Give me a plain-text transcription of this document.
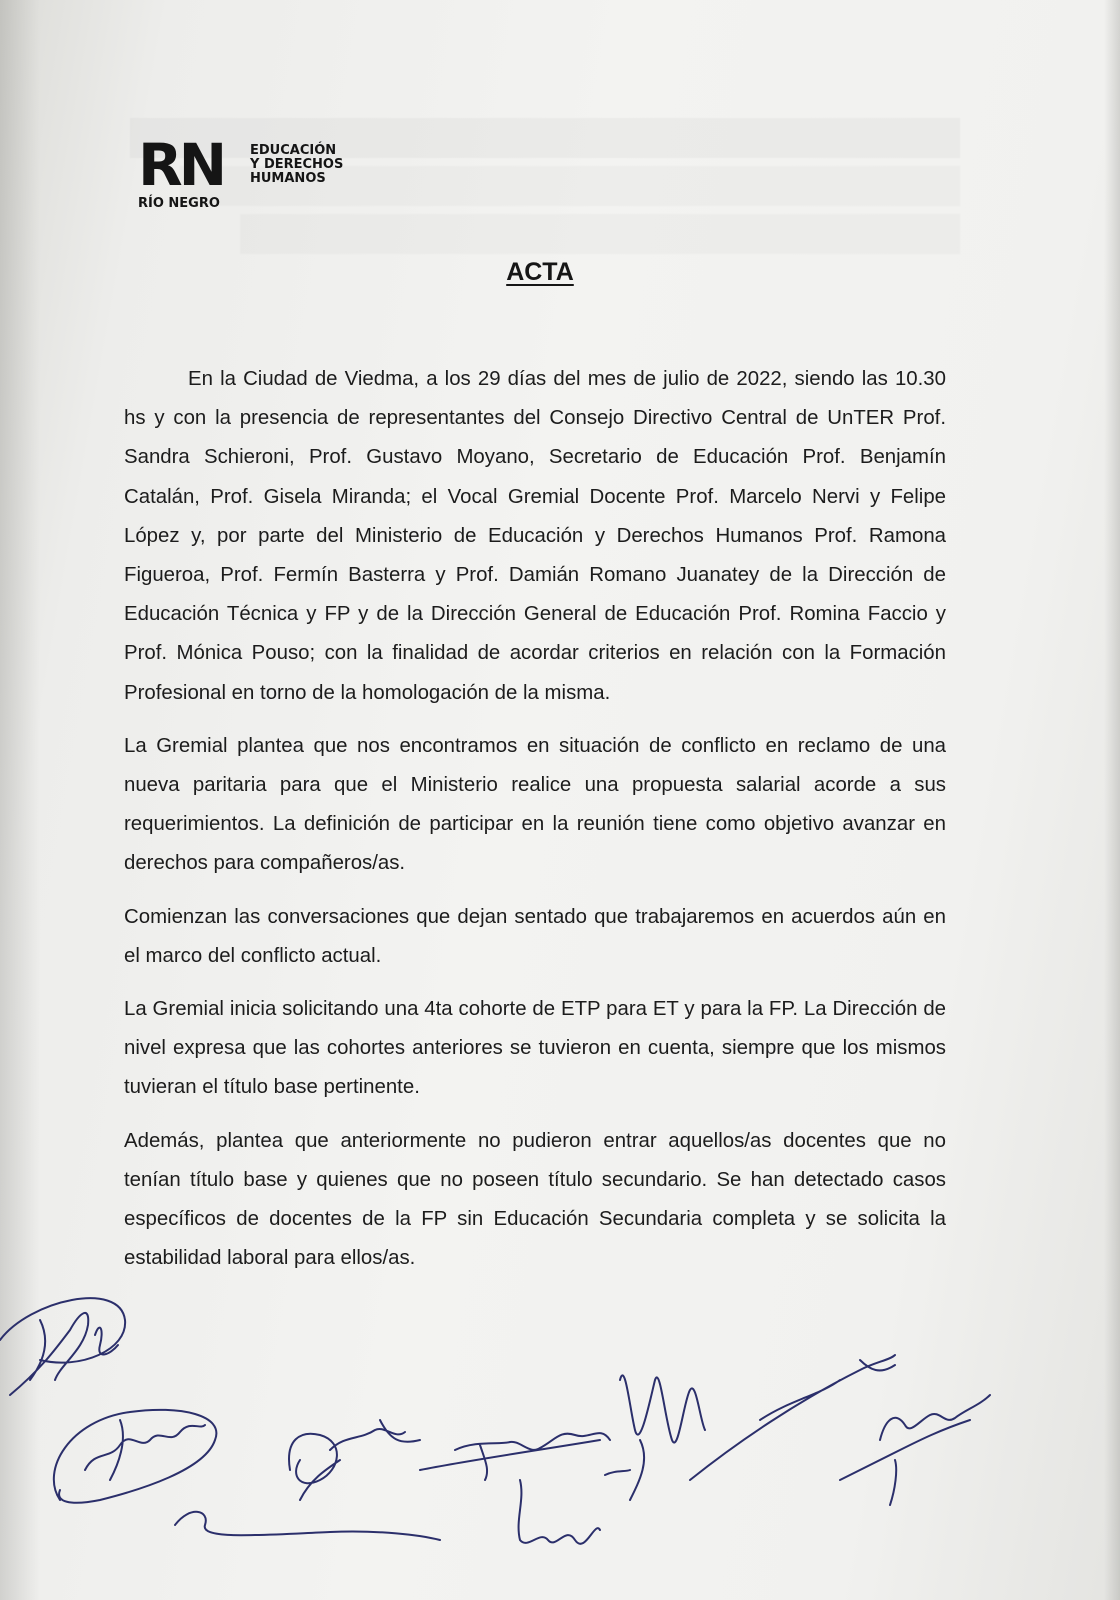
RN
RÍO NEGRO
EDUCACIÓN
Y DERECHOS
HUMANOS
ACTA

En la Ciudad de Viedma, a los 29 días del mes de julio de 2022, siendo las 10.30 hs y con la presencia de representantes del Consejo Directivo Central de UnTER Prof. Sandra Schieroni, Prof. Gustavo Moyano, Secretario de Educación Prof. Benjamín Catalán, Prof. Gisela Miranda; el Vocal Gremial Docente Prof. Marcelo Nervi y Felipe López y, por parte del Ministerio de Educación y Derechos Humanos Prof. Ramona Figueroa, Prof. Fermín Basterra y Prof. Damián Romano Juanatey de la Dirección de Educación Técnica y FP y de la Dirección General de Educación Prof. Romina Faccio y Prof. Mónica Pouso; con la finalidad de acordar criterios en relación con la Formación Profesional en torno de la homologación de la misma.

La Gremial plantea que nos encontramos en situación de conflicto en reclamo de una nueva paritaria para que el Ministerio realice una propuesta salarial acorde a sus requerimientos. La definición de participar en la reunión tiene como objetivo avanzar en derechos para compañeros/as.

Comienzan las conversaciones que dejan sentado que trabajaremos en acuerdos aún en el marco del conflicto actual.

La Gremial inicia solicitando una 4ta cohorte de ETP para ET y para la FP. La Dirección de nivel expresa que las cohortes anteriores se tuvieron en cuenta, siempre que los mismos tuvieran el título base pertinente.

Además, plantea que anteriormente no pudieron entrar aquellos/as docentes que no tenían título base y quienes que no poseen título secundario. Se han detectado casos específicos de docentes de la FP sin Educación Secundaria completa y se solicita la estabilidad laboral para ellos/as.
